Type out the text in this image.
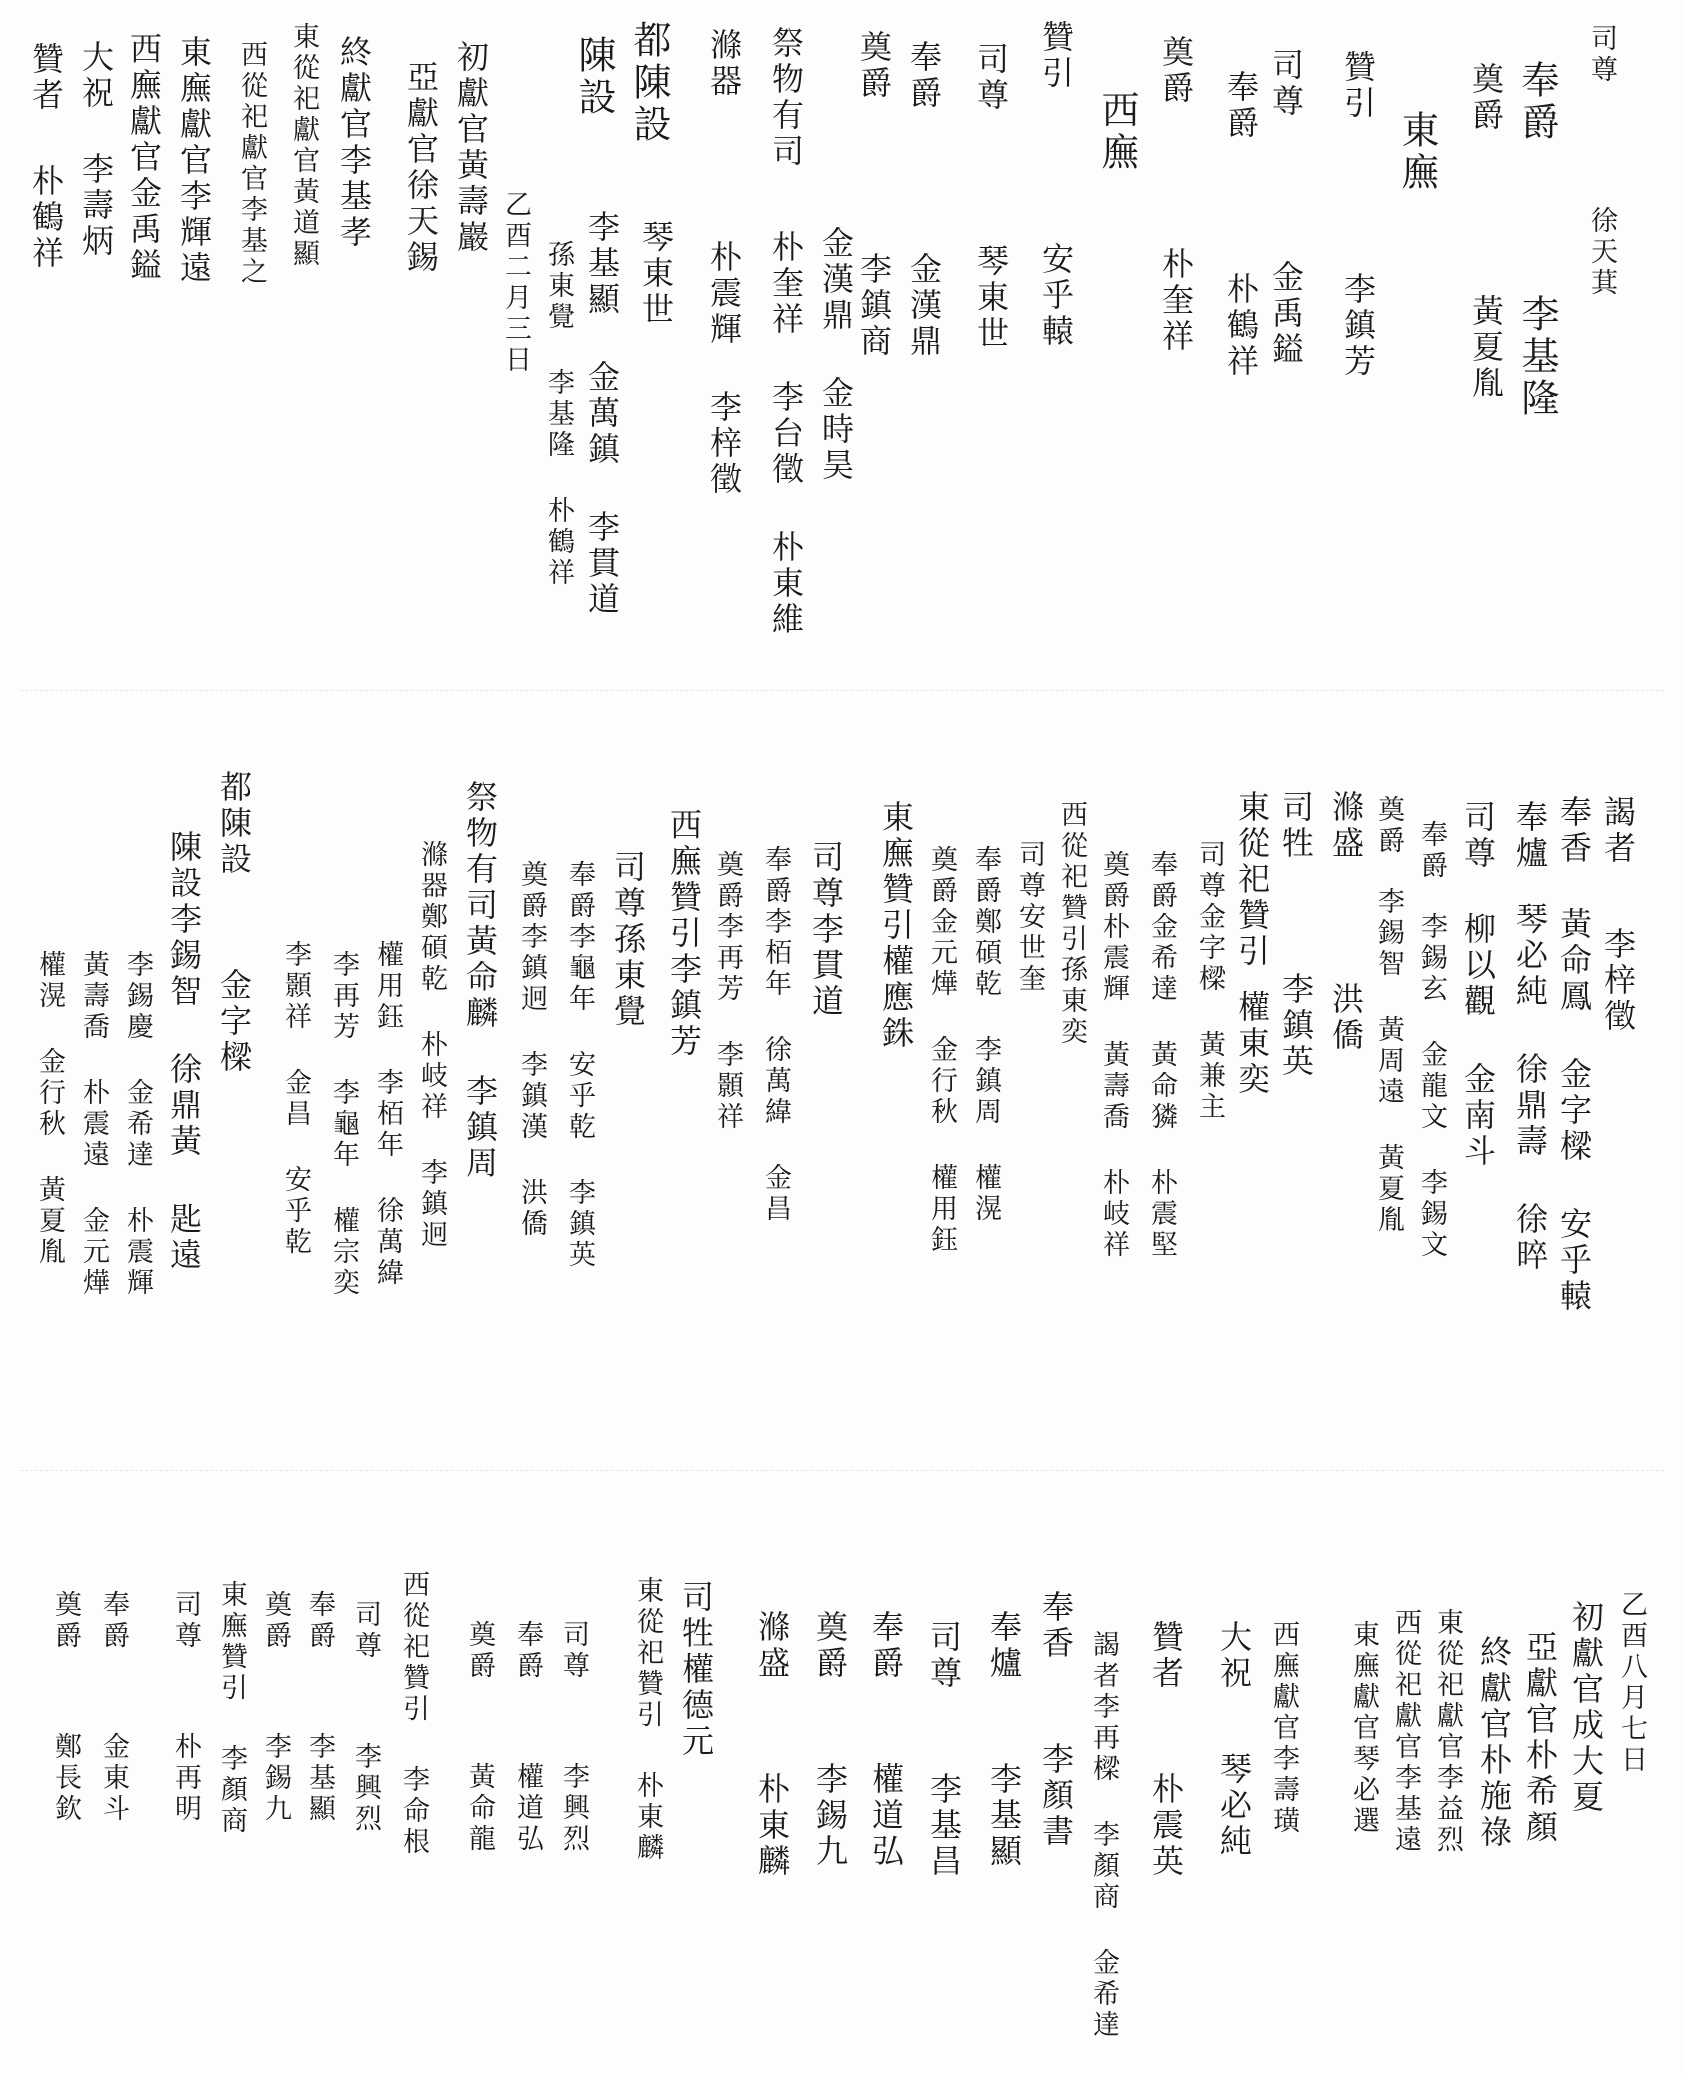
司尊徐天萁
奉爵李基隆
奠爵黃夏胤
東廡
贊引李鎮芳
司尊金禹鎰
奉爵朴鶴祥
奠爵朴奎祥
西廡
贊引安乎轅
司尊琴東世
奉爵金漢鼎
奠爵李鎮商
金漢鼎 金時昊
祭物有司朴奎祥 李台徵 朴東維
滌器朴震輝 李梓徵
琴東世
都陳設
李基顯 金萬鎮 李貫道
陳設
孫東覺 李基隆 朴鶴祥
乙酉二月三日
初獻官黃壽巖
亞獻官徐天錫
終獻官李基孝
東從祀獻官黃道顯
西從祀獻官李基之
東廡獻官李輝遠
西廡獻官金禹鎰
大祝李壽炳
贊者朴鶴祥
謁者李梓徵
奉香黃命鳳 金字樑 安乎轅
奉爐琴必純 徐鼎壽 徐晬
司尊柳以觀 金南斗
奉爵李錫玄 金龍文 李錫文
奠爵李錫智 黃周遠 黃夏胤
滌盛洪僑
司牲李鎮英
東從祀贊引權東奕
司尊金字樑 黃兼主
奉爵金希達 黃命獜 朴震堅
奠爵朴震輝 黃壽喬 朴岐祥
西從祀贊引孫東奕
司尊安世奎
奉爵鄭碩乾 李鎮周 權滉
奠爵金元燁 金行秋 權用鈺
東廡贊引權應銖
司尊李貫道
奉爵李栢年 徐萬緯 金昌
奠爵李再芳 李顥祥
西廡贊引李鎮芳
司尊孫東覺
奉爵李龜年 安乎乾 李鎮英
奠爵李鎮迥 李鎮漢 洪僑
祭物有司黃命麟 李鎮周
滌器鄭碩乾 朴岐祥 李鎮迥
權用鈺 李栢年 徐萬緯
李再芳 李龜年 權宗奕
李顥祥 金昌 安乎乾
都陳設金字樑
陳設李錫智 徐鼎黃 匙遠
李錫慶 金希達 朴震輝
黃壽喬 朴震遠 金元燁
權滉 金行秋 黃夏胤
乙酉八月七日
初獻官成大夏
亞獻官朴希顏
終獻官朴施祿
東從祀獻官李益烈
西從祀獻官李基遠
東廡獻官琴必選
西廡獻官李壽璜
大祝琴必純
贊者朴震英
謁者李再樑 李顏商 金希達
奉香李顏書
奉爐李基顯
司尊李基昌
奉爵權道弘
奠爵李錫九
滌盛朴東麟
司牲權德元
東從祀贊引朴東麟
司尊李興烈
奉爵權道弘
奠爵黃命龍
西從祀贊引李命根
司尊李興烈
奉爵李基顯
奠爵李錫九
東廡贊引李顏商
司尊朴再明
奉爵金東斗
奠爵鄭長欽
